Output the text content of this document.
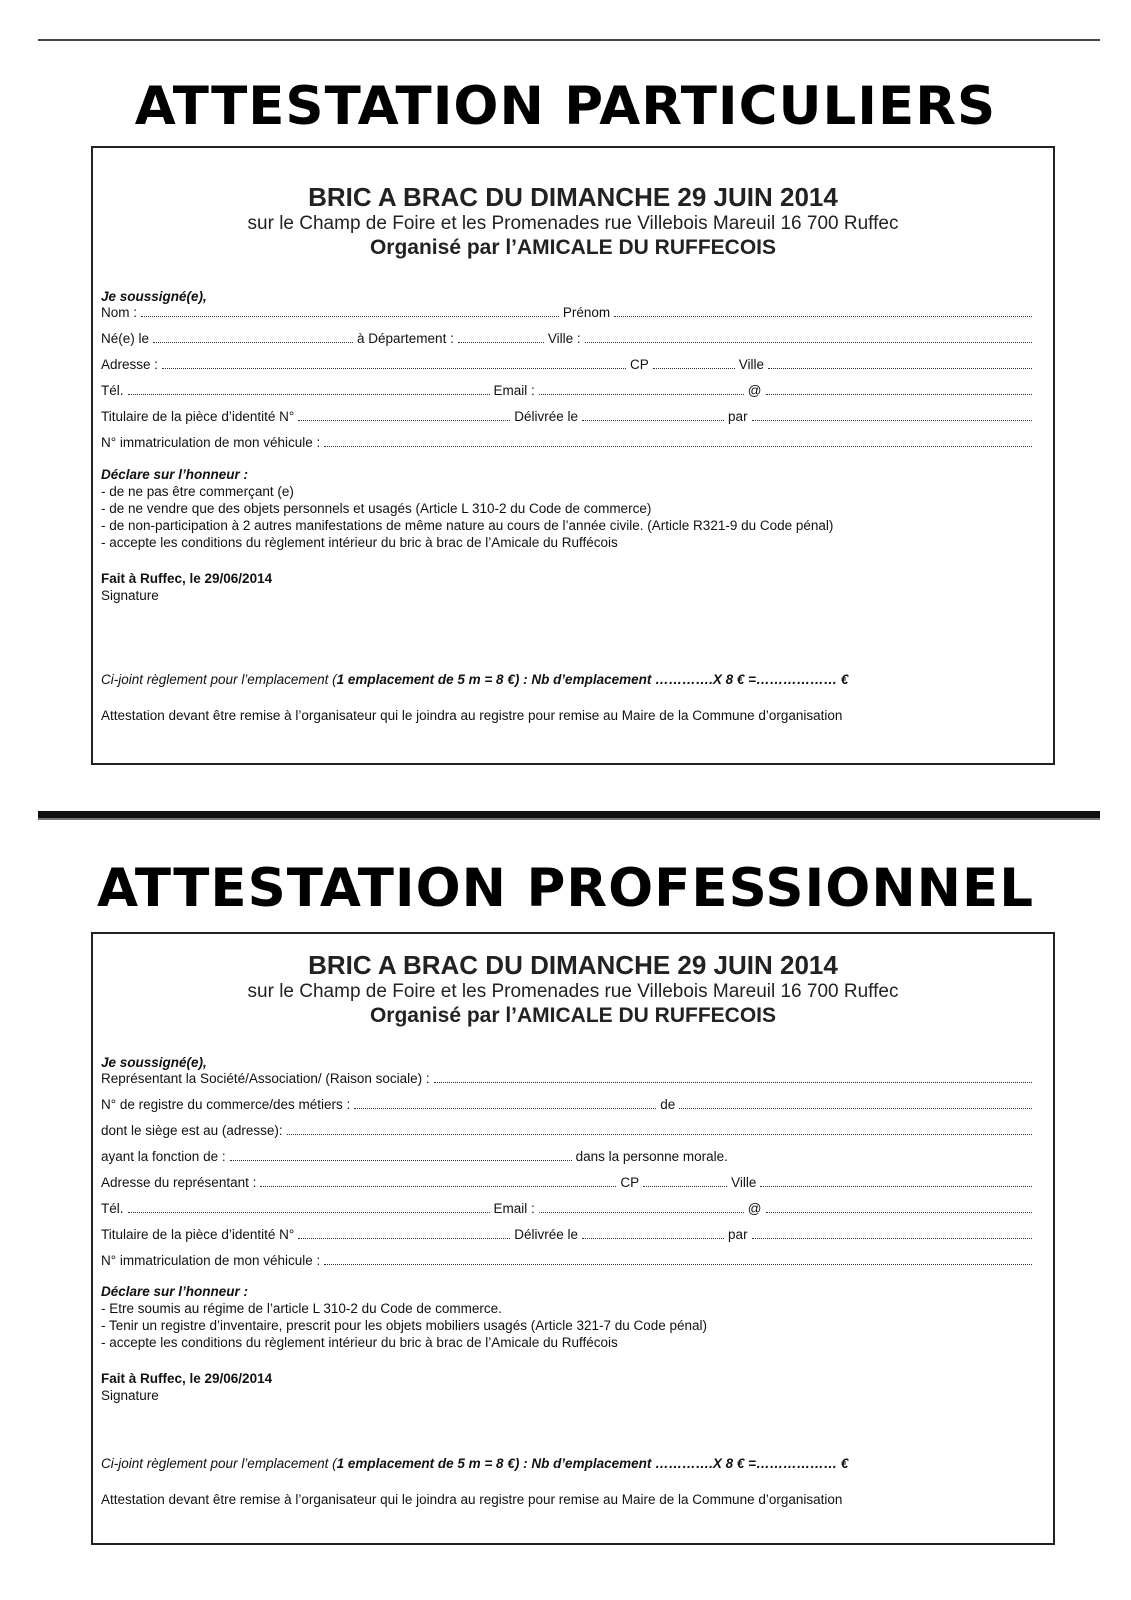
ATTESTATION PARTICULIERS
BRIC A BRAC DU DIMANCHE 29 JUIN 2014
sur le Champ de Foire et les Promenades rue Villebois Mareuil 16 700 Ruffec
Organisé par l’AMICALE DU RUFFECOIS
Je soussigné(e),
Nom :	Prénom
Né(e) le	à Département :	Ville :
Adresse :	CP	Ville
Tél.	Email :	@
Titulaire de la pièce d’identité N°	Délivrée le	par
N° immatriculation de mon véhicule :
Déclare sur l’honneur :
- de ne pas être commerçant (e)
- de ne vendre que des objets personnels et usagés (Article L 310-2 du Code de commerce)
- de non-participation à 2 autres manifestations de même nature au cours de l’année civile. (Article R321-9 du Code pénal)
- accepte les conditions du règlement intérieur du bric à brac de l’Amicale du Ruffécois
Fait à Ruffec, le 29/06/2014
Signature
Ci-joint règlement pour l’emplacement (1 emplacement de 5 m = 8 €) : Nb d’emplacement ………….X 8 € =……………… €
Attestation devant être remise à l’organisateur qui le joindra au registre pour remise au Maire de la Commune d’organisation
ATTESTATION PROFESSIONNEL
BRIC A BRAC DU DIMANCHE 29 JUIN 2014
sur le Champ de Foire et les Promenades rue Villebois Mareuil 16 700 Ruffec
Organisé par l’AMICALE DU RUFFECOIS
Je soussigné(e),
Représentant la Société/Association/ (Raison sociale) :
N° de registre du commerce/des métiers :	de
dont le siège est au (adresse):
ayant la fonction de :	dans la personne morale.
Adresse du représentant :	CP	Ville
Tél.	Email :	@
Titulaire de la pièce d’identité N°	Délivrée le	par
N° immatriculation de mon véhicule :
Déclare sur l’honneur :
- Etre soumis au régime de l’article L 310-2 du Code de commerce.
- Tenir un registre d’inventaire, prescrit pour les objets mobiliers usagés (Article 321-7 du Code pénal)
- accepte les conditions du règlement intérieur du bric à brac de l’Amicale du Ruffécois
Fait à Ruffec, le 29/06/2014
Signature
Ci-joint règlement pour l’emplacement (1 emplacement de 5 m = 8 €) : Nb d’emplacement ………….X 8 € =……………… €
Attestation devant être remise à l’organisateur qui le joindra au registre pour remise au Maire de la Commune d’organisation
